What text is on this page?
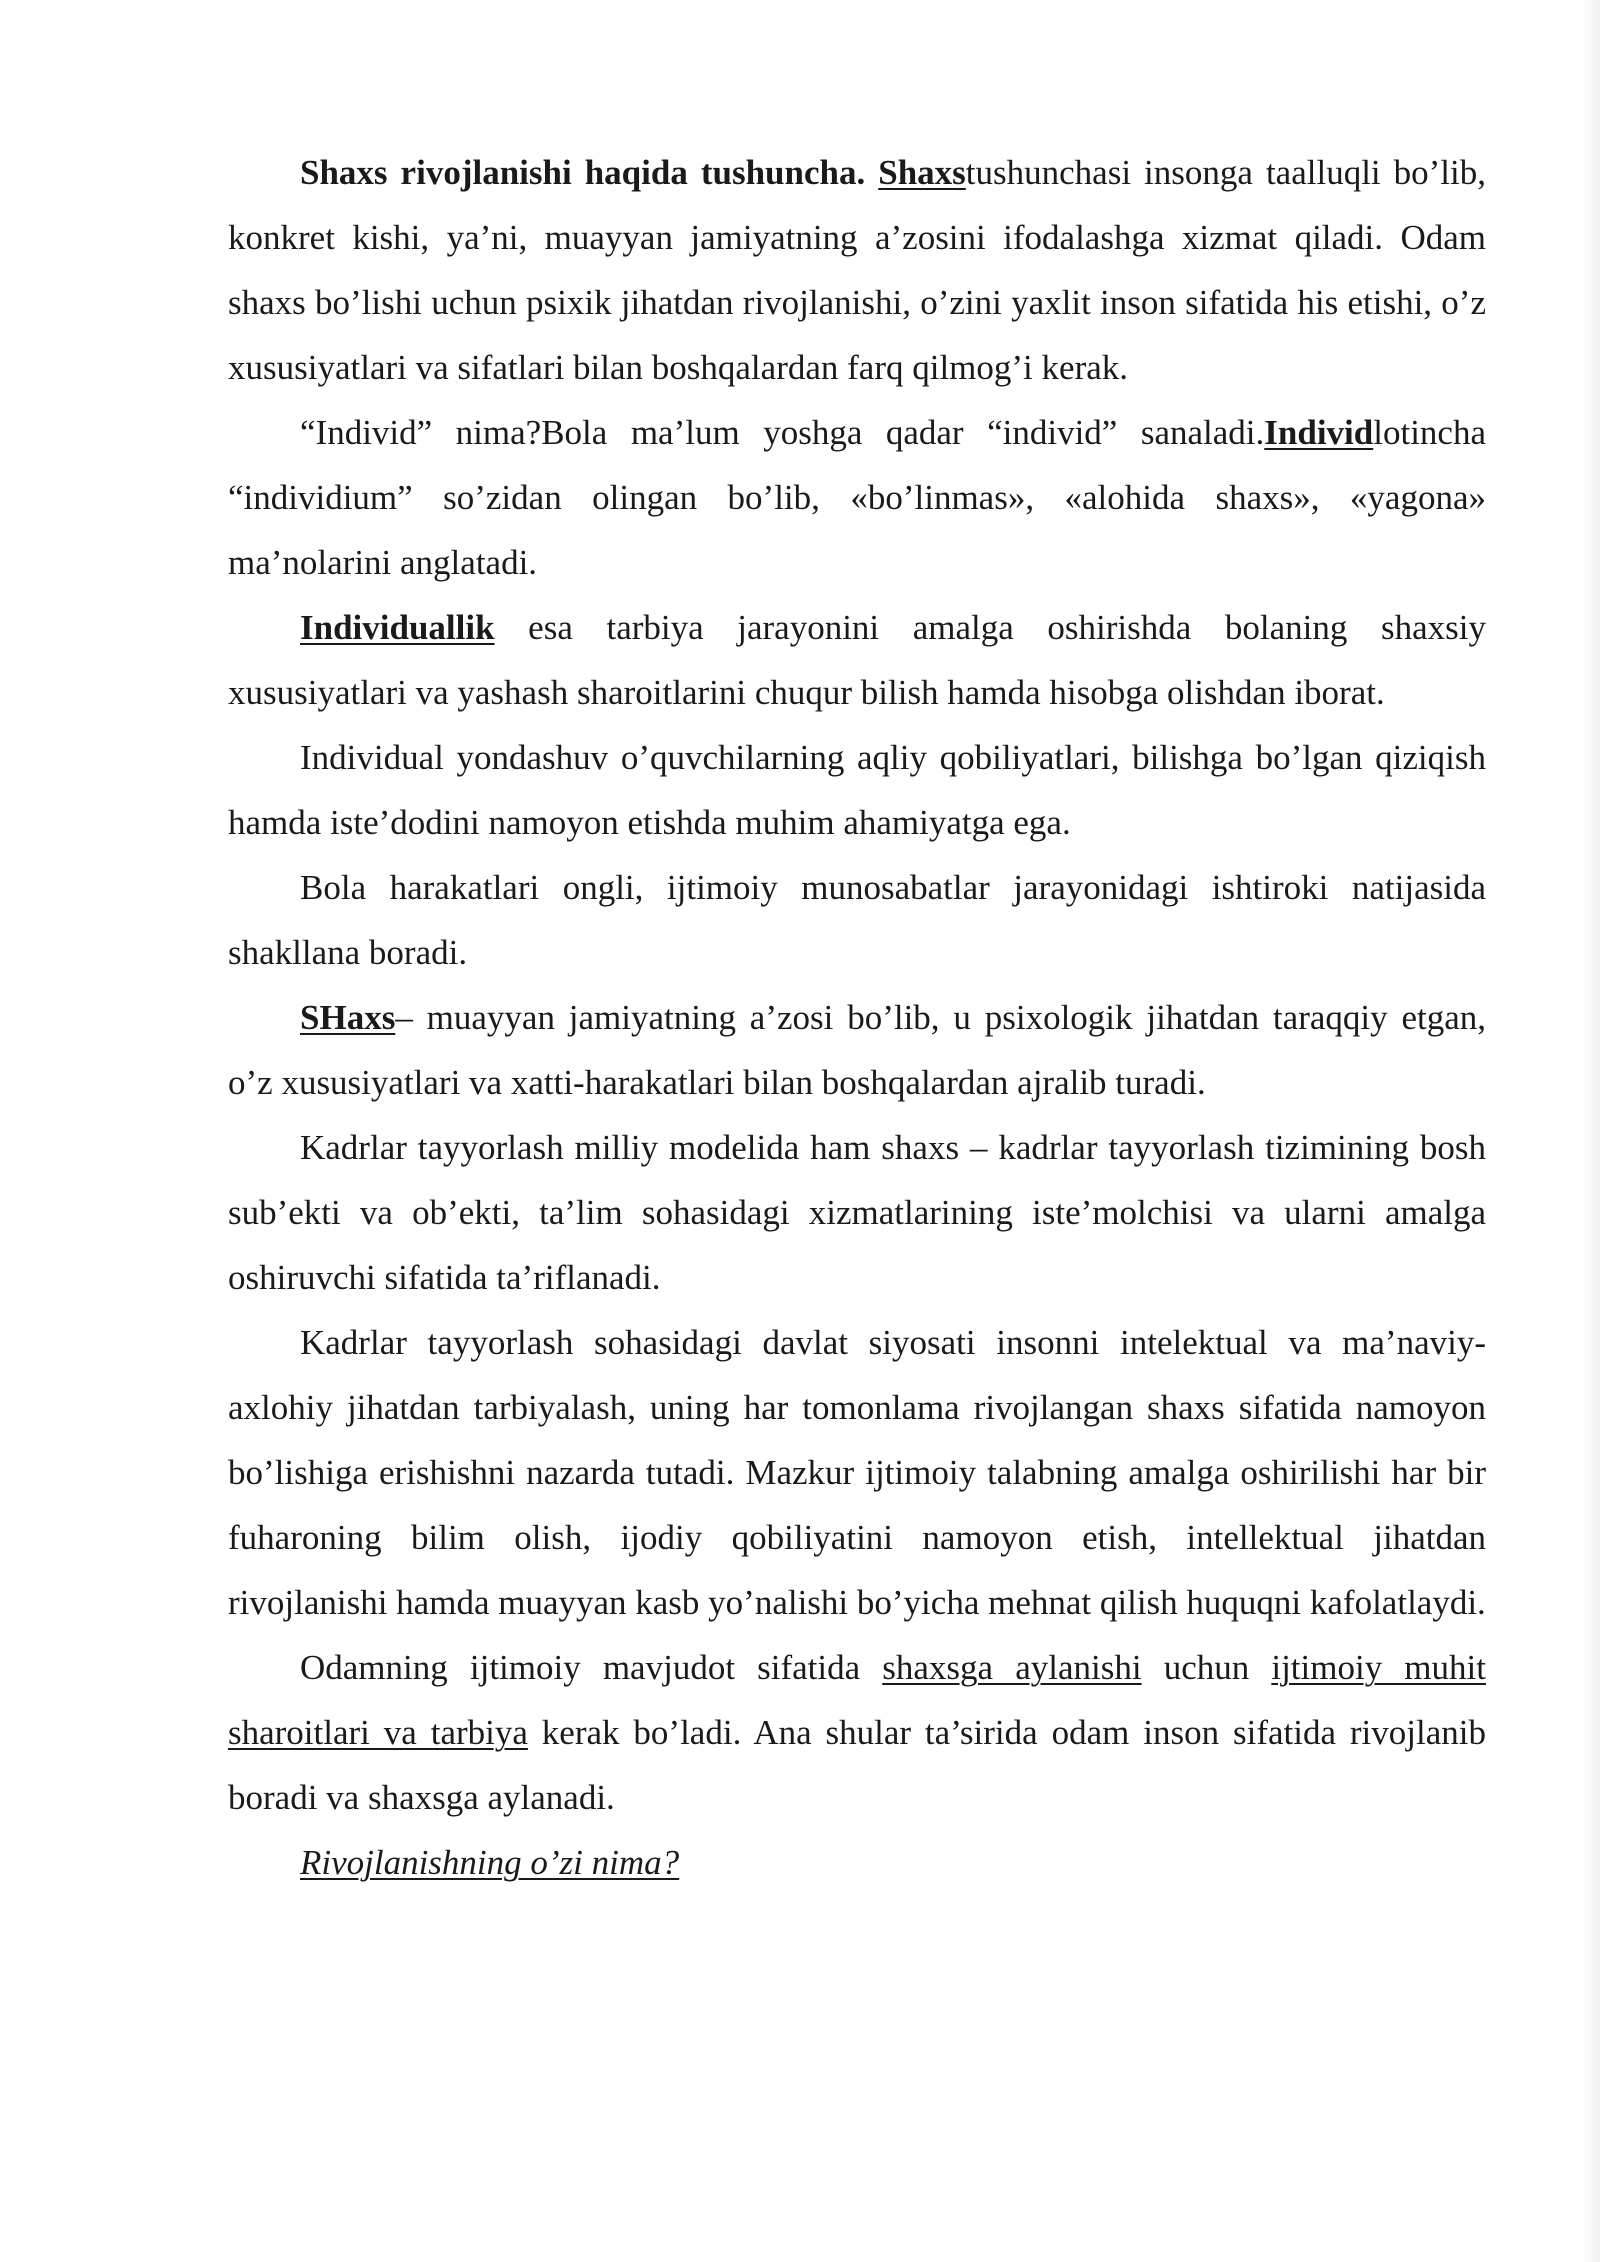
Shaxs rivojlanishi haqida tushuncha. Shaxstushunchasi insonga taalluqli bo’lib, konkret kishi, ya’ni, muayyan jamiyatning a’zosini ifodalashga xizmat qiladi. Odam shaxs bo’lishi uchun psixik jihatdan rivojlanishi, o’zini yaxlit inson sifatida his etishi, o’z xususiyatlari va sifatlari bilan boshqalardan farq qilmog’i kerak.

“Individ” nima?Bola ma’lum yoshga qadar “individ” sanaladi.Individlotincha “individium” so’zidan olingan bo’lib, «bo’linmas», «alohida shaxs», «yagona» ma’nolarini anglatadi.

Individuallik esa tarbiya jarayonini amalga oshirishda bolaning shaxsiy xususiyatlari va yashash sharoitlarini chuqur bilish hamda hisobga olishdan iborat.

Individual yondashuv o’quvchilarning aqliy qobiliyatlari, bilishga bo’lgan qiziqish hamda iste’dodini namoyon etishda muhim ahamiyatga ega.

Bola harakatlari ongli, ijtimoiy munosabatlar jarayonidagi ishtiroki natijasida shakllana boradi.

SHaxs– muayyan jamiyatning a’zosi bo’lib, u psixologik jihatdan taraqqiy etgan, o’z xususiyatlari va xatti-harakatlari bilan boshqalardan ajralib turadi.

Kadrlar tayyorlash milliy modelida ham shaxs – kadrlar tayyorlash tizimining bosh sub’ekti va ob’ekti, ta’lim sohasidagi xizmatlarining iste’molchisi va ularni amalga oshiruvchi sifatida ta’riflanadi.

Kadrlar tayyorlash sohasidagi davlat siyosati insonni intelektual va ma’naviy-axlohiy jihatdan tarbiyalash, uning har tomonlama rivojlangan shaxs sifatida namoyon bo’lishiga erishishni nazarda tutadi. Mazkur ijtimoiy talabning amalga oshirilishi har bir fuharoning bilim olish, ijodiy qobiliyatini namoyon etish, intellektual jihatdan rivojlanishi hamda muayyan kasb yo’nalishi bo’yicha mehnat qilish huquqni kafolatlaydi.

Odamning ijtimoiy mavjudot sifatida shaxsga aylanishi uchun ijtimoiy muhit sharoitlari va tarbiya kerak bo’ladi. Ana shular ta’sirida odam inson sifatida rivojlanib boradi va shaxsga aylanadi.

Rivojlanishning o’zi nima?
